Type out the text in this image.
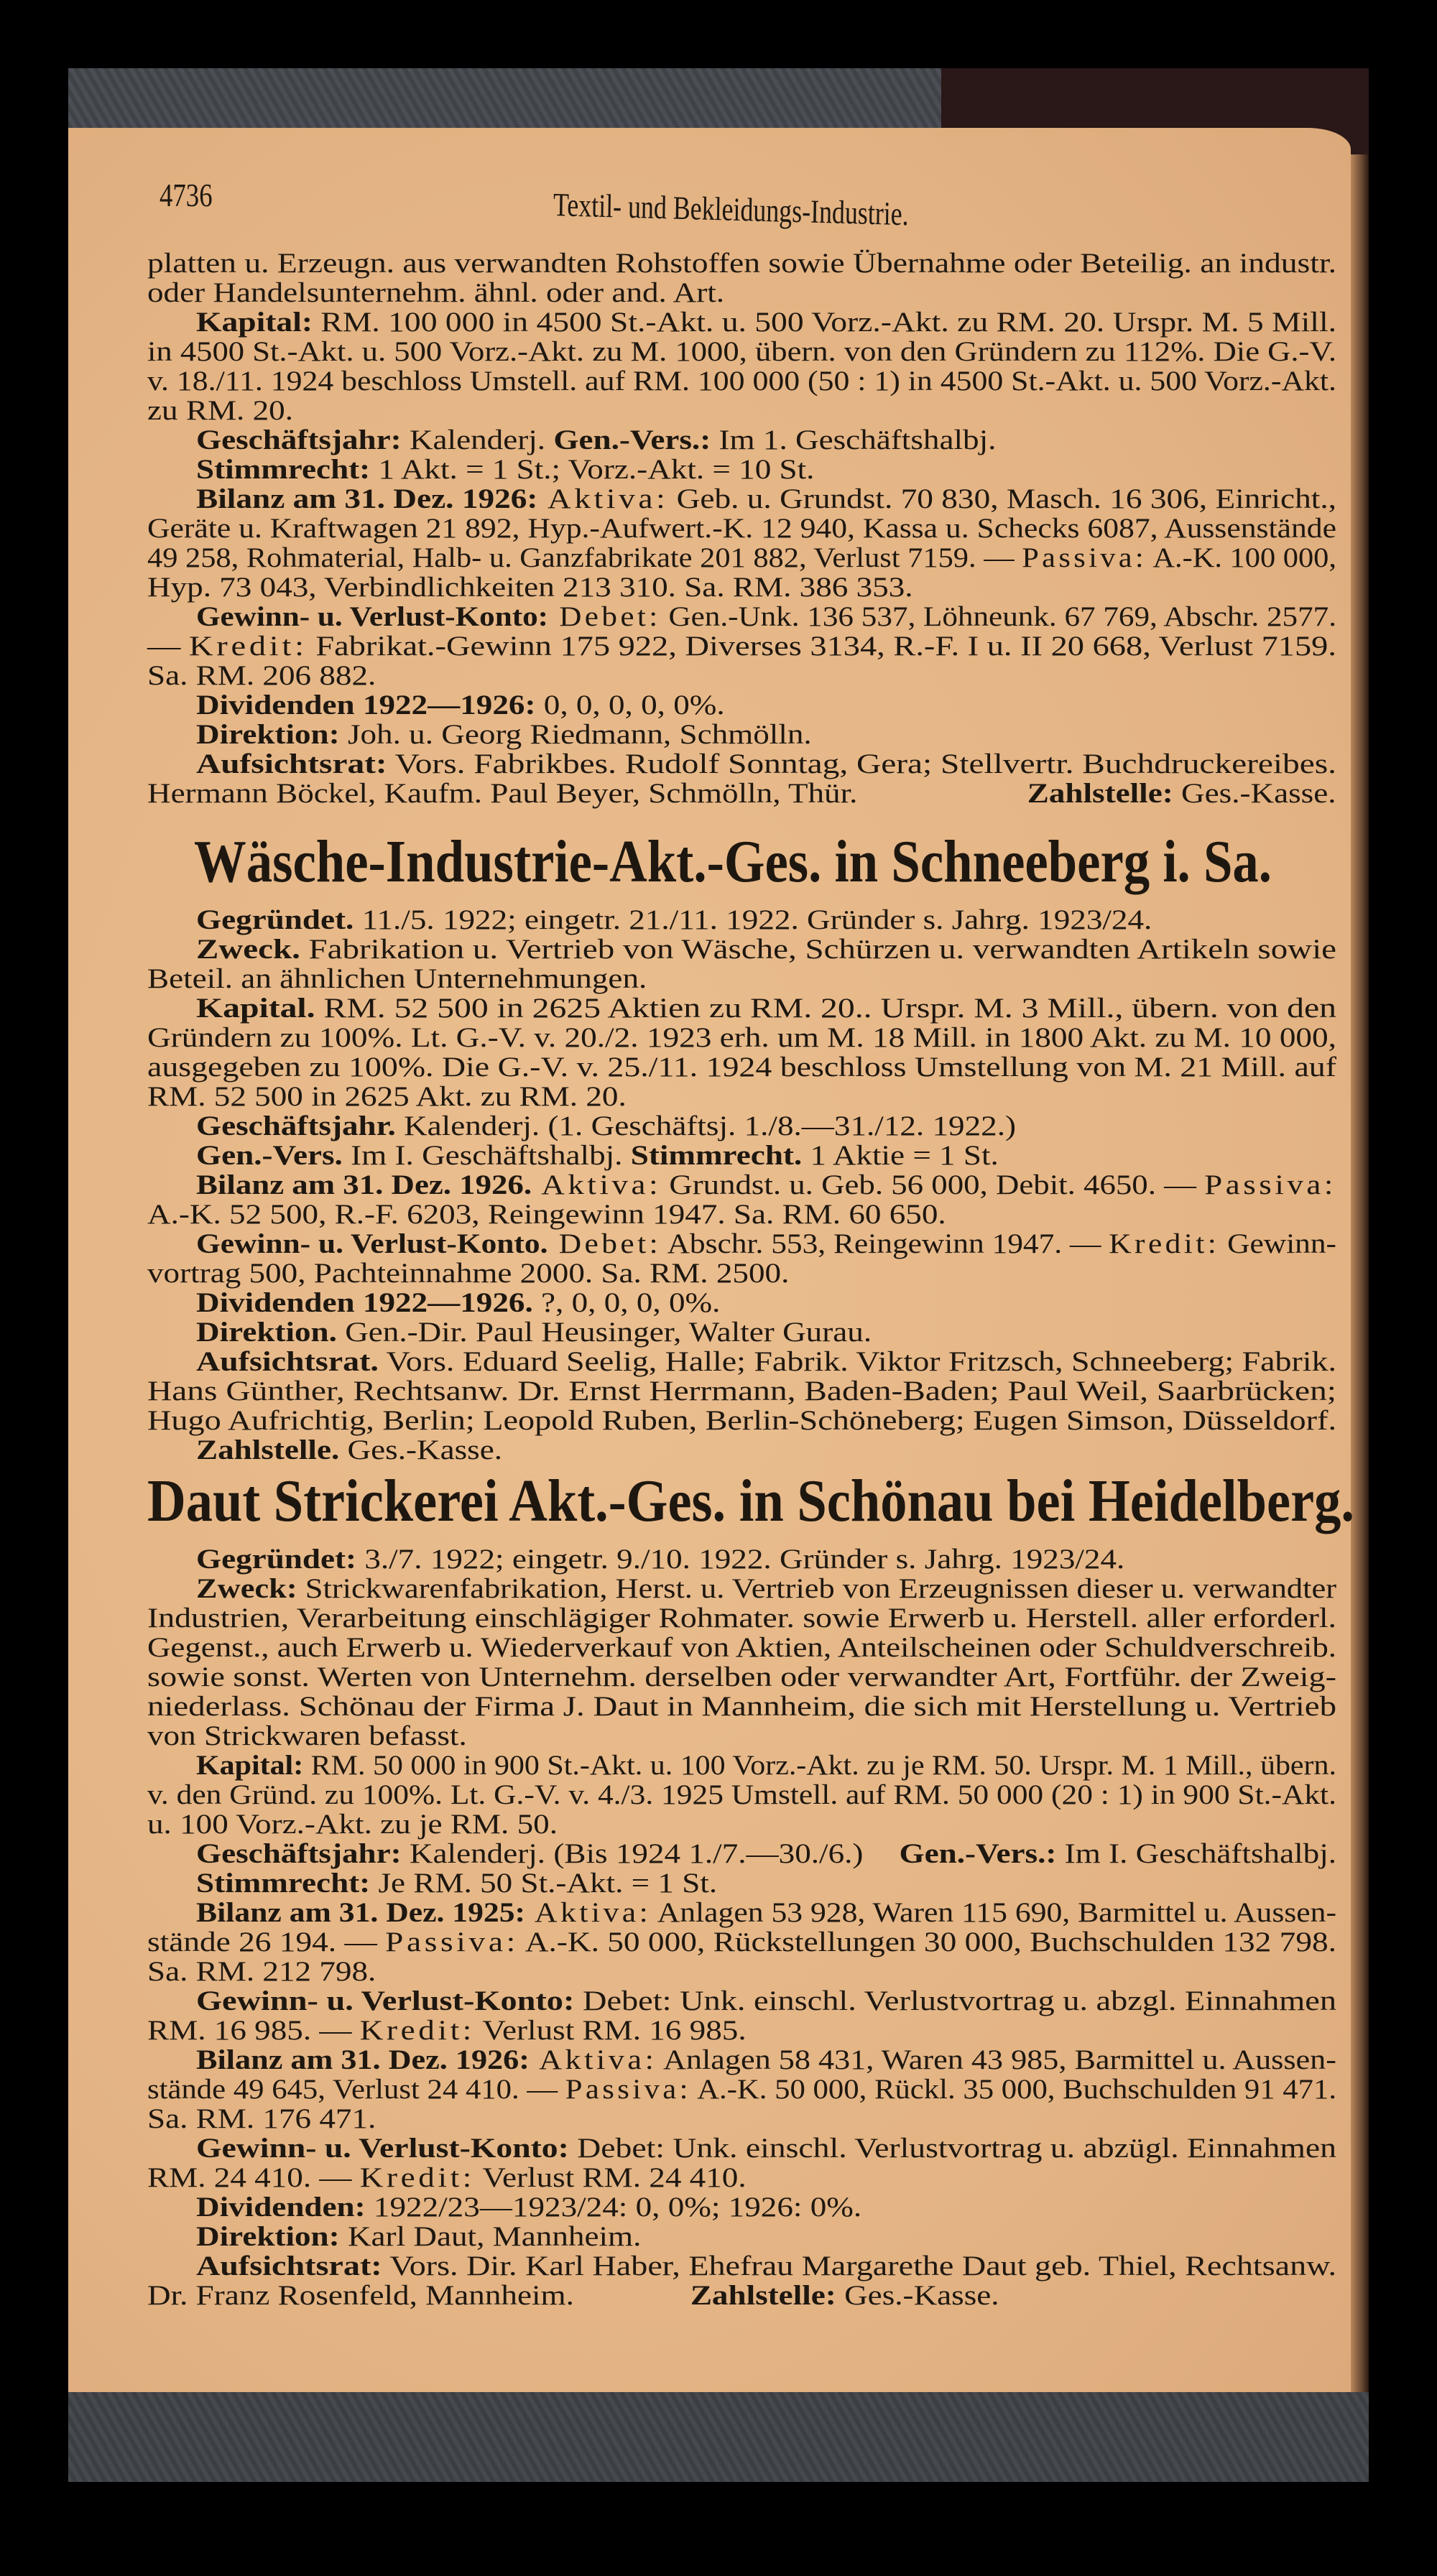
4736	Textil- und Bekleidungs-Industrie.
platten u. Erzeugn. aus verwandten Rohstoffen sowie Übernahme oder Beteilig. an industr.
oder Handelsunternehm. ähnl. oder and. Art.
Kapital: RM. 100 000 in 4500 St.-Akt. u. 500 Vorz.-Akt. zu RM. 20. Urspr. M. 5 Mill.
in 4500 St.-Akt. u. 500 Vorz.-Akt. zu M. 1000, übern. von den Gründern zu 112%. Die G.-V.
v. 18./11. 1924 beschloss Umstell. auf RM. 100 000 (50 : 1) in 4500 St.-Akt. u. 500 Vorz.-Akt.
zu RM. 20.
Geschäftsjahr: Kalenderj. Gen.-Vers.: Im 1. Geschäftshalbj.
Stimmrecht: 1 Akt. = 1 St.; Vorz.-Akt. = 10 St.
Bilanz am 31. Dez. 1926: Aktiva: Geb. u. Grundst. 70 830, Masch. 16 306, Einricht.,
Geräte u. Kraftwagen 21 892, Hyp.-Aufwert.-K. 12 940, Kassa u. Schecks 6087, Aussenstände
49 258, Rohmaterial, Halb- u. Ganzfabrikate 201 882, Verlust 7159. — Passiva: A.-K. 100 000,
Hyp. 73 043, Verbindlichkeiten 213 310. Sa. RM. 386 353.
Gewinn- u. Verlust-Konto: Debet: Gen.-Unk. 136 537, Löhneunk. 67 769, Abschr. 2577.
— Kredit: Fabrikat.-Gewinn 175 922, Diverses 3134, R.-F. I u. II 20 668, Verlust 7159.
Sa. RM. 206 882.
Dividenden 1922—1926: 0, 0, 0, 0, 0%.
Direktion: Joh. u. Georg Riedmann, Schmölln.
Aufsichtsrat: Vors. Fabrikbes. Rudolf Sonntag, Gera; Stellvertr. Buchdruckereibes.
Hermann Böckel, Kaufm. Paul Beyer, Schmölln, Thür.	Zahlstelle: Ges.-Kasse.
Wäsche-Industrie-Akt.-Ges. in Schneeberg i. Sa.
Gegründet. 11./5. 1922; eingetr. 21./11. 1922. Gründer s. Jahrg. 1923/24.
Zweck. Fabrikation u. Vertrieb von Wäsche, Schürzen u. verwandten Artikeln sowie
Beteil. an ähnlichen Unternehmungen.
Kapital. RM. 52 500 in 2625 Aktien zu RM. 20.. Urspr. M. 3 Mill., übern. von den
Gründern zu 100%. Lt. G.-V. v. 20./2. 1923 erh. um M. 18 Mill. in 1800 Akt. zu M. 10 000,
ausgegeben zu 100%. Die G.-V. v. 25./11. 1924 beschloss Umstellung von M. 21 Mill. auf
RM. 52 500 in 2625 Akt. zu RM. 20.
Geschäftsjahr. Kalenderj. (1. Geschäftsj. 1./8.—31./12. 1922.)
Gen.-Vers. Im I. Geschäftshalbj. Stimmrecht. 1 Aktie = 1 St.
Bilanz am 31. Dez. 1926. Aktiva: Grundst. u. Geb. 56 000, Debit. 4650. — Passiva:
A.-K. 52 500, R.-F. 6203, Reingewinn 1947. Sa. RM. 60 650.
Gewinn- u. Verlust-Konto. Debet: Abschr. 553, Reingewinn 1947. — Kredit: Gewinn-
vortrag 500, Pachteinnahme 2000. Sa. RM. 2500.
Dividenden 1922—1926. ?, 0, 0, 0, 0%.
Direktion. Gen.-Dir. Paul Heusinger, Walter Gurau.
Aufsichtsrat. Vors. Eduard Seelig, Halle; Fabrik. Viktor Fritzsch, Schneeberg; Fabrik.
Hans Günther, Rechtsanw. Dr. Ernst Herrmann, Baden-Baden; Paul Weil, Saarbrücken;
Hugo Aufrichtig, Berlin; Leopold Ruben, Berlin-Schöneberg; Eugen Simson, Düsseldorf.
Zahlstelle. Ges.-Kasse.
Daut Strickerei Akt.-Ges. in Schönau bei Heidelberg.
Gegründet: 3./7. 1922; eingetr. 9./10. 1922. Gründer s. Jahrg. 1923/24.
Zweck: Strickwarenfabrikation, Herst. u. Vertrieb von Erzeugnissen dieser u. verwandter
Industrien, Verarbeitung einschlägiger Rohmater. sowie Erwerb u. Herstell. aller erforderl.
Gegenst., auch Erwerb u. Wiederverkauf von Aktien, Anteilscheinen oder Schuldverschreib.
sowie sonst. Werten von Unternehm. derselben oder verwandter Art, Fortführ. der Zweig-
niederlass. Schönau der Firma J. Daut in Mannheim, die sich mit Herstellung u. Vertrieb
von Strickwaren befasst.
Kapital: RM. 50 000 in 900 St.-Akt. u. 100 Vorz.-Akt. zu je RM. 50. Urspr. M. 1 Mill., übern.
v. den Gründ. zu 100%. Lt. G.-V. v. 4./3. 1925 Umstell. auf RM. 50 000 (20 : 1) in 900 St.-Akt.
u. 100 Vorz.-Akt. zu je RM. 50.
Geschäftsjahr: Kalenderj. (Bis 1924 1./7.—30./6.) Gen.-Vers.: Im I. Geschäftshalbj.
Stimmrecht: Je RM. 50 St.-Akt. = 1 St.
Bilanz am 31. Dez. 1925: Aktiva: Anlagen 53 928, Waren 115 690, Barmittel u. Aussen-
stände 26 194. — Passiva: A.-K. 50 000, Rückstellungen 30 000, Buchschulden 132 798.
Sa. RM. 212 798.
Gewinn- u. Verlust-Konto: Debet: Unk. einschl. Verlustvortrag u. abzgl. Einnahmen
RM. 16 985. — Kredit: Verlust RM. 16 985.
Bilanz am 31. Dez. 1926: Aktiva: Anlagen 58 431, Waren 43 985, Barmittel u. Aussen-
stände 49 645, Verlust 24 410. — Passiva: A.-K. 50 000, Rückl. 35 000, Buchschulden 91 471.
Sa. RM. 176 471.
Gewinn- u. Verlust-Konto: Debet: Unk. einschl. Verlustvortrag u. abzügl. Einnahmen
RM. 24 410. — Kredit: Verlust RM. 24 410.
Dividenden: 1922/23—1923/24: 0, 0%; 1926: 0%.
Direktion: Karl Daut, Mannheim.
Aufsichtsrat: Vors. Dir. Karl Haber, Ehefrau Margarethe Daut geb. Thiel, Rechtsanw.
Dr. Franz Rosenfeld, Mannheim.	Zahlstelle: Ges.-Kasse.
